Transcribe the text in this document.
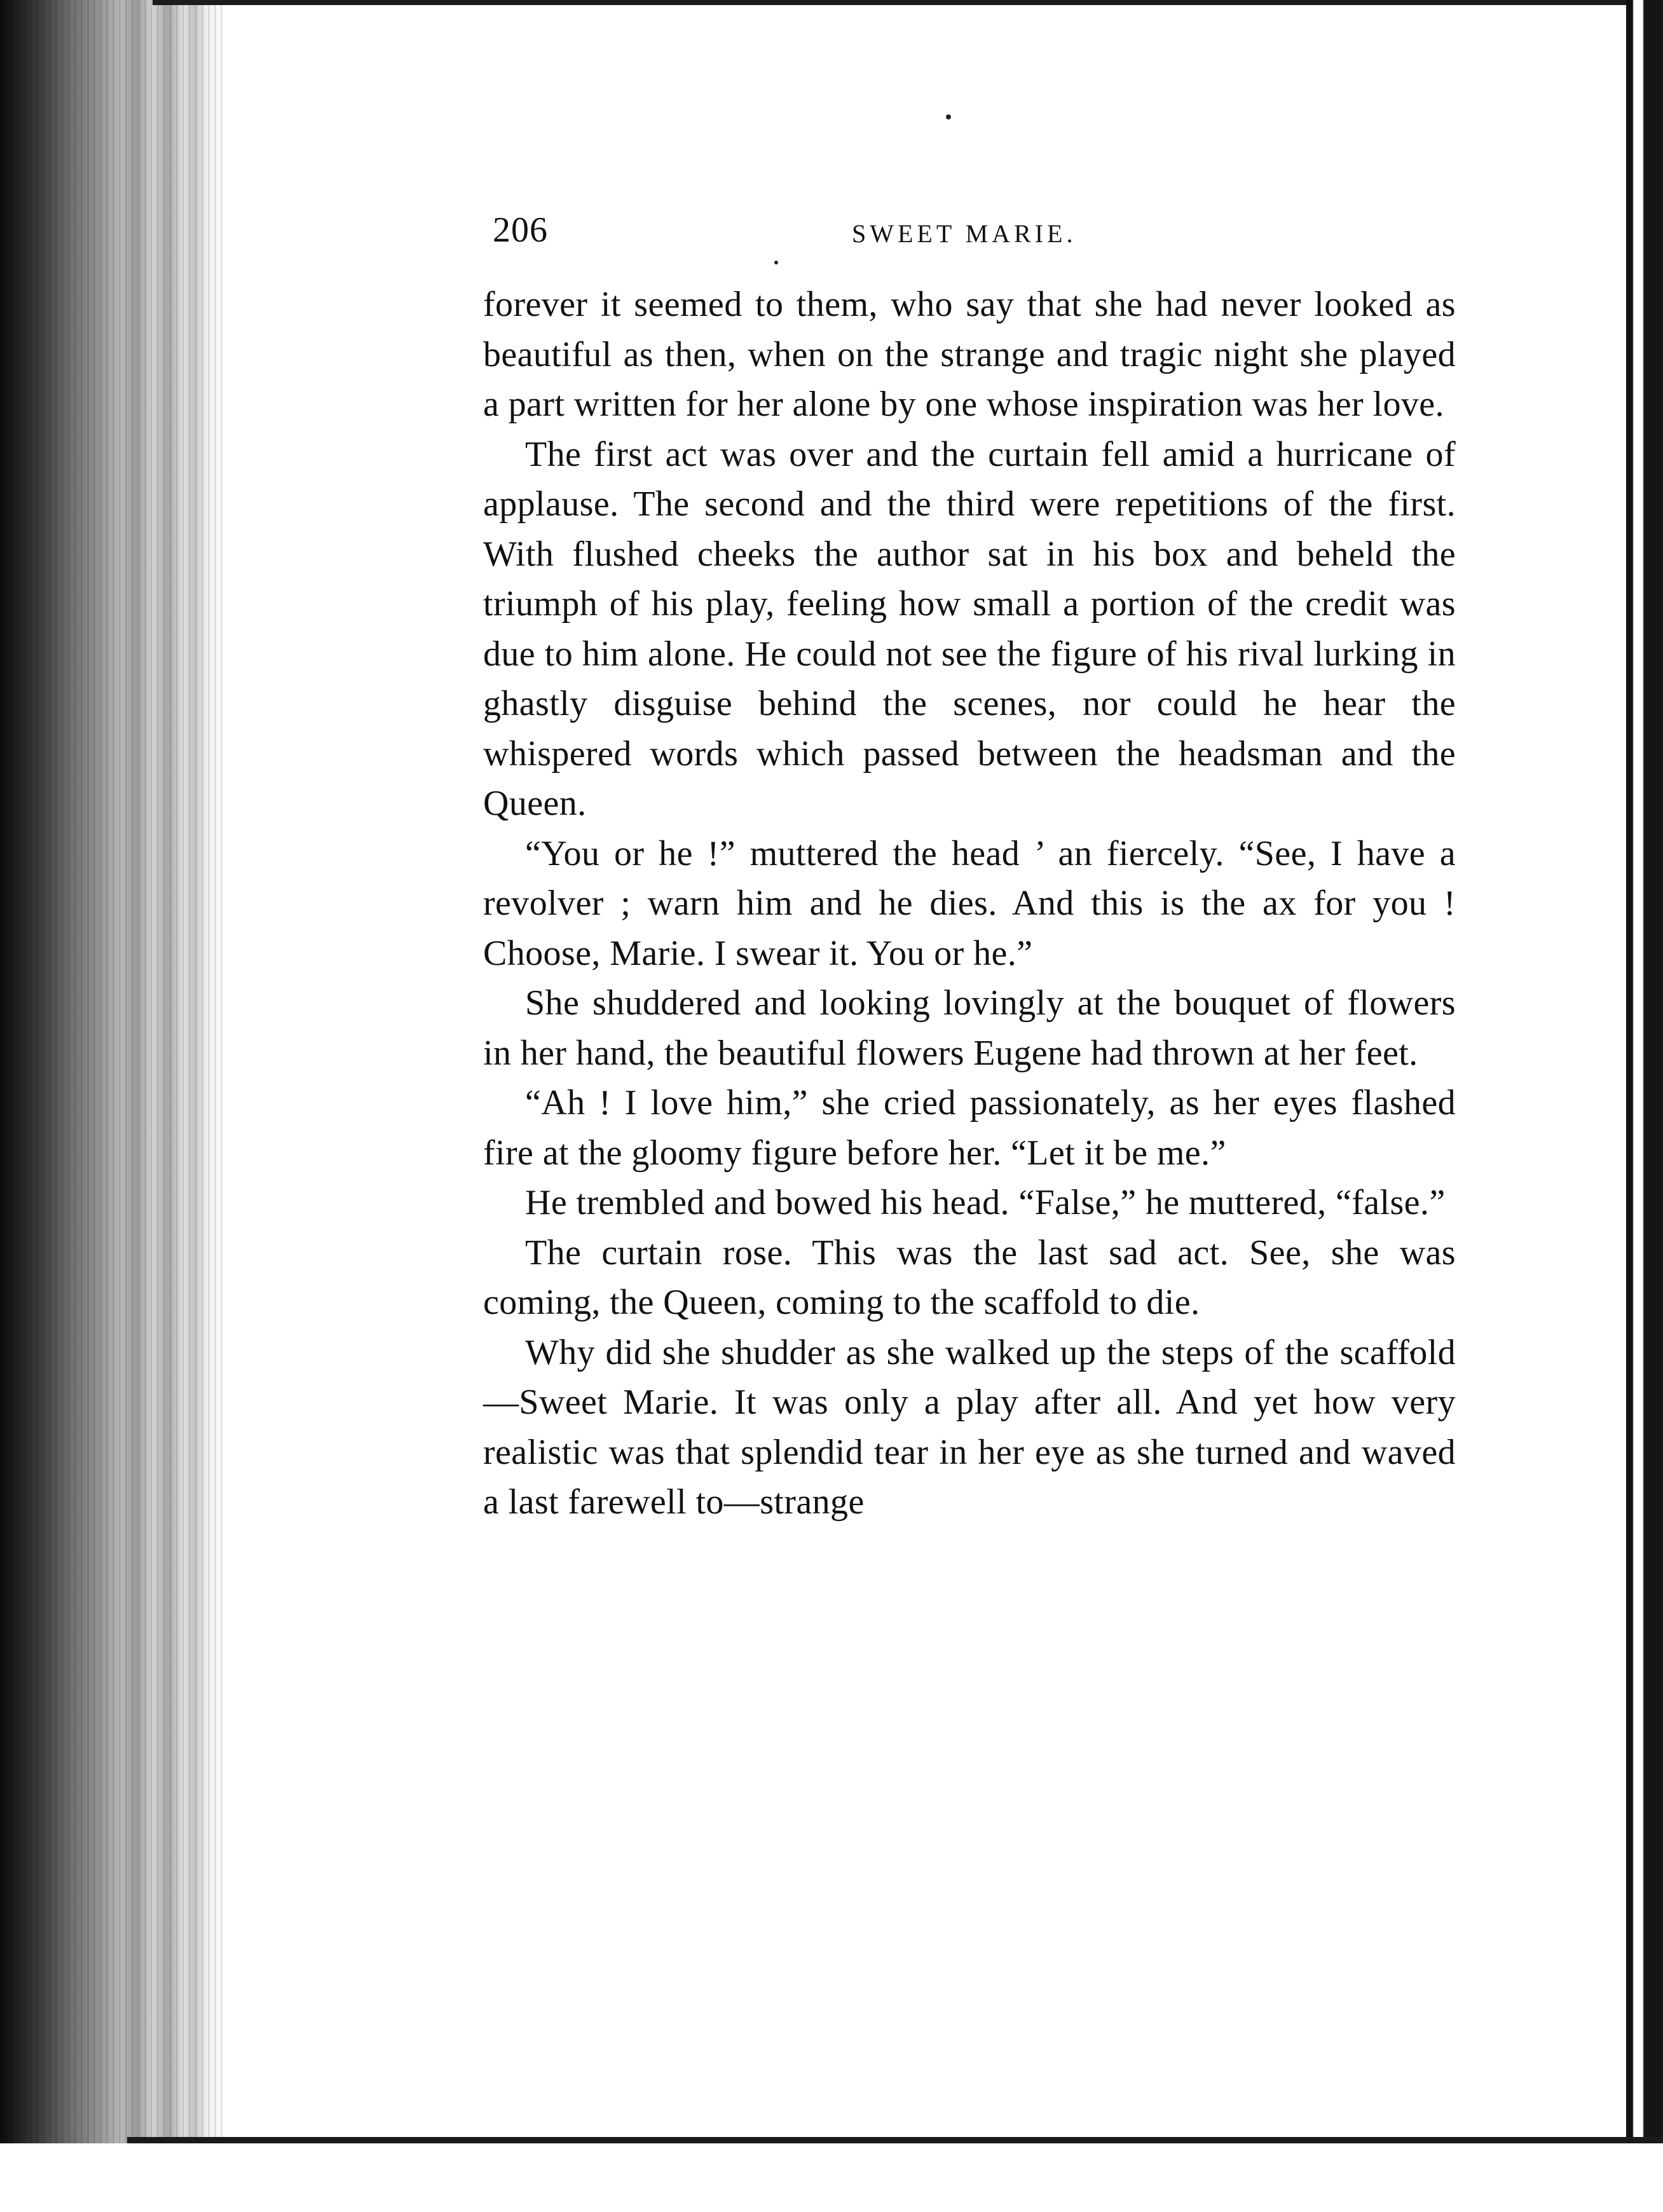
206	SWEET MARIE.

forever it seemed to them, who say that she had never looked as beautiful as then, when on the strange and tragic night she played a part written for her alone by one whose inspiration was her love.

The first act was over and the curtain fell amid a hurricane of applause. The second and the third were repetitions of the first. With flushed cheeks the author sat in his box and beheld the triumph of his play, feeling how small a portion of the credit was due to him alone. He could not see the figure of his rival lurking in ghastly disguise behind the scenes, nor could he hear the whispered words which passed between the headsman and the Queen.

“You or he !” muttered the head ’ an fiercely. “See, I have a revolver ; warn him and he dies. And this is the ax for you ! Choose, Marie. I swear it. You or he.”

She shuddered and looking lovingly at the bouquet of flowers in her hand, the beautiful flowers Eugene had thrown at her feet.

“Ah ! I love him,” she cried passionately, as her eyes flashed fire at the gloomy figure before her. “Let it be me.”

He trembled and bowed his head. “False,” he muttered, “false.”

The curtain rose. This was the last sad act. See, she was coming, the Queen, coming to the scaffold to die.

Why did she shudder as she walked up the steps of the scaffold—Sweet Marie. It was only a play after all. And yet how very realistic was that splendid tear in her eye as she turned and waved a last farewell to—strange
